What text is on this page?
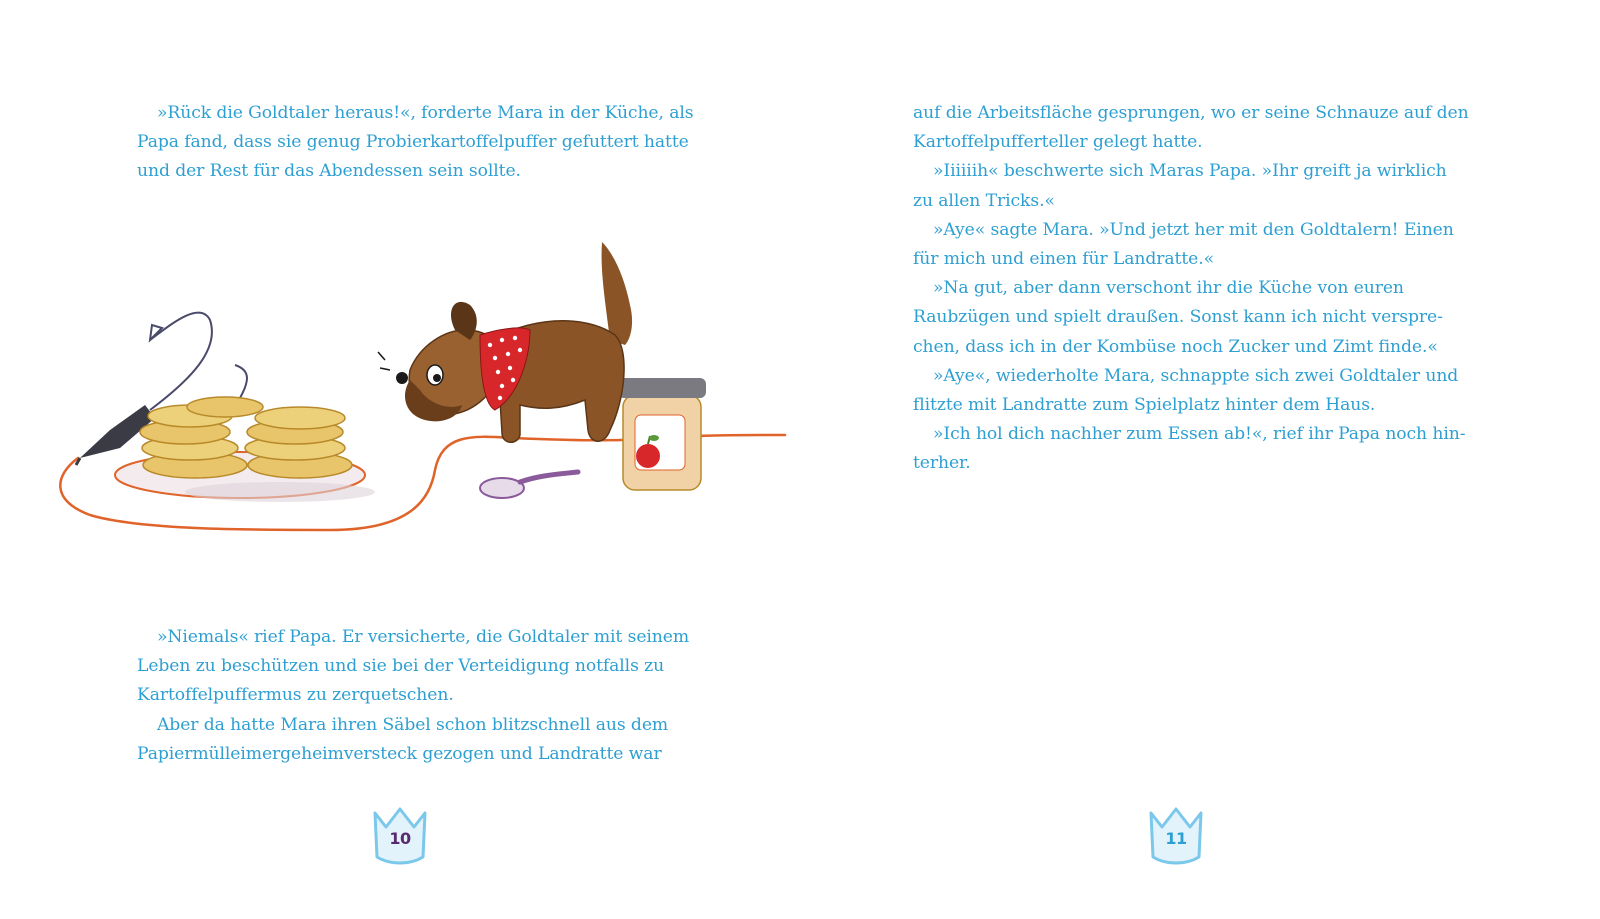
»Rück die Goldtaler heraus!«, forderte Mara in der Küche, als
Papa fand, dass sie genug Probierkartoffelpuffer gefuttert hatte
und der Rest für das Abendessen sein sollte.
»Niemals« rief Papa. Er versicherte, die Goldtaler mit seinem
Leben zu beschützen und sie bei der Verteidigung notfalls zu
Kartoffelpuffermus zu zerquetschen.
Aber da hatte Mara ihren Säbel schon blitzschnell aus dem
Papiermülleimergeheimversteck gezogen und Landratte war
10
auf die Arbeitsfläche gesprungen, wo er seine Schnauze auf den
Kartoffelpufferteller gelegt hatte.
»Iiiiiih« beschwerte sich Maras Papa. »Ihr greift ja wirklich
zu allen Tricks.«
»Aye« sagte Mara. »Und jetzt her mit den Goldtalern! Einen
für mich und einen für Landratte.«
»Na gut, aber dann verschont ihr die Küche von euren
Raubzügen und spielt draußen. Sonst kann ich nicht verspre-
chen, dass ich in der Kombüse noch Zucker und Zimt finde.«
»Aye«, wiederholte Mara, schnappte sich zwei Goldtaler und
flitzte mit Landratte zum Spielplatz hinter dem Haus.
»Ich hol dich nachher zum Essen ab!«, rief ihr Papa noch hin-
terher.
11
